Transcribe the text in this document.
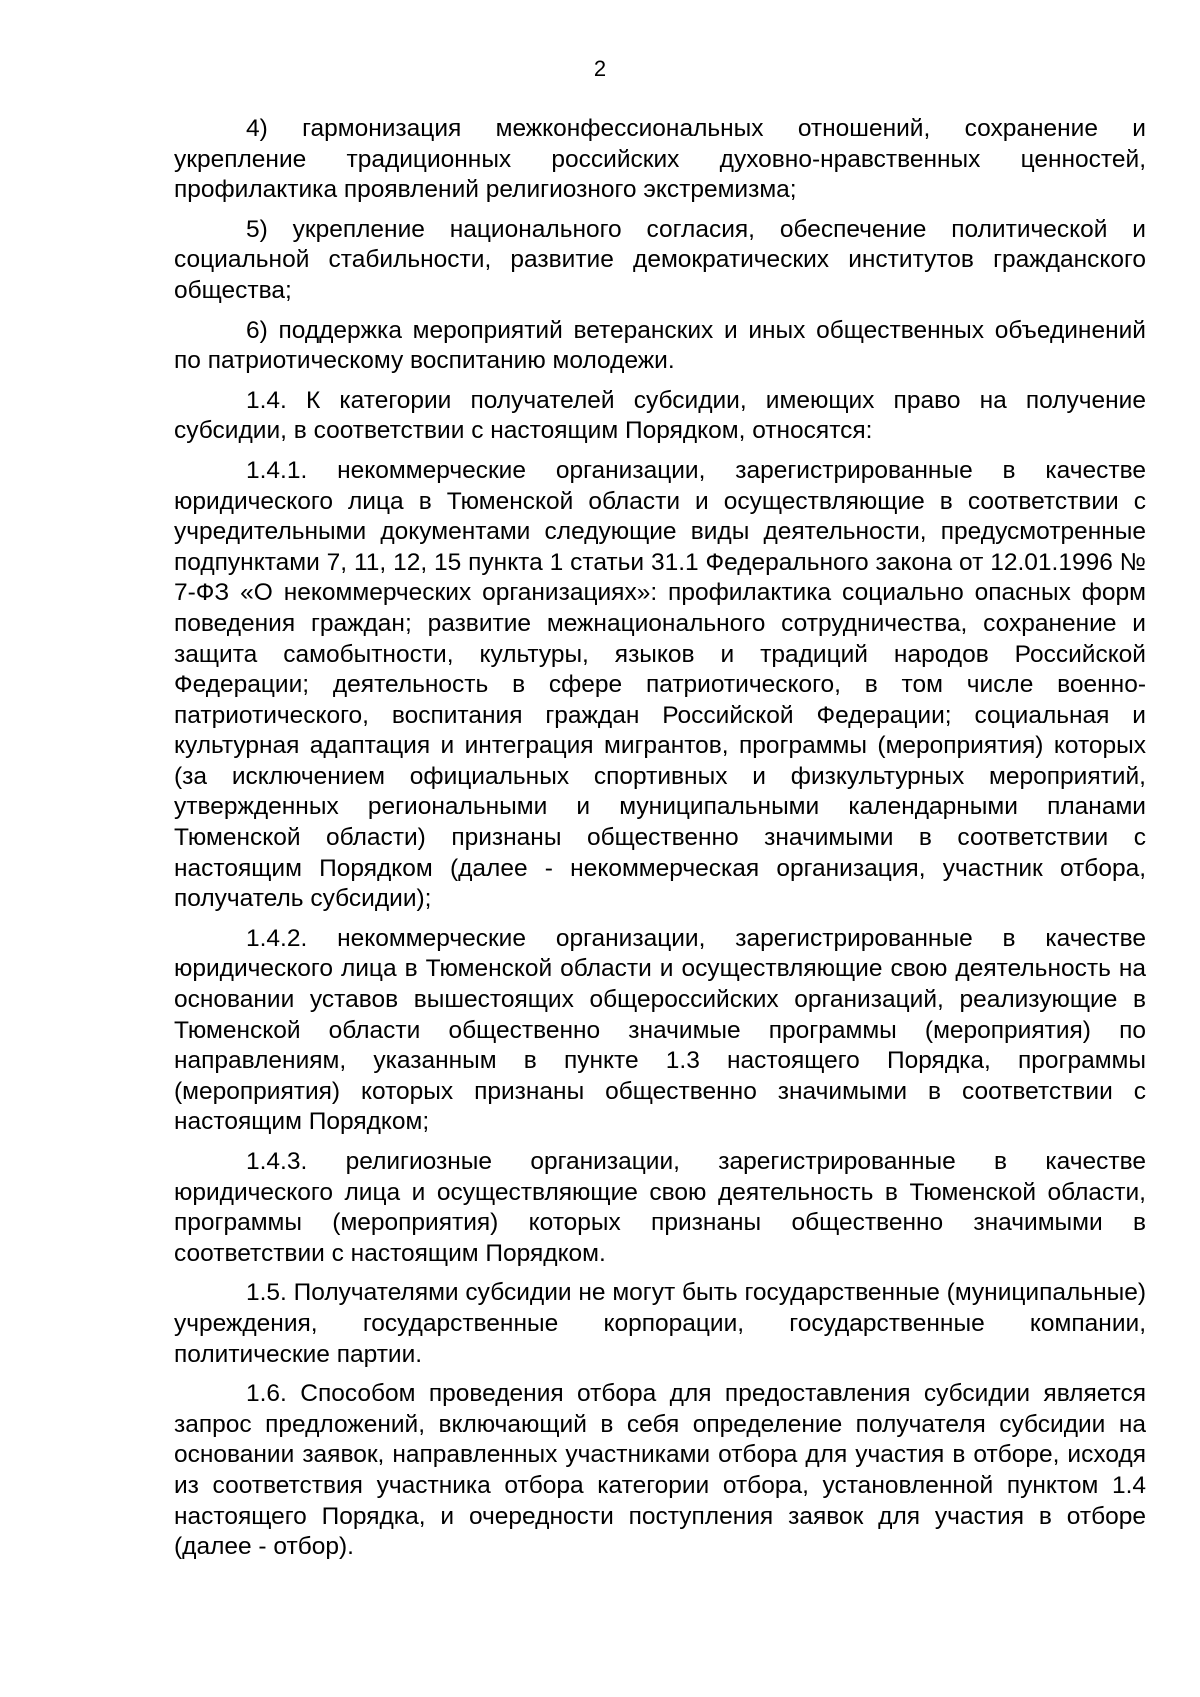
2

4) гармонизация межконфессиональных отношений, сохранение и укрепление традиционных российских духовно-нравственных ценностей, профилактика проявлений религиозного экстремизма;

5) укрепление национального согласия, обеспечение политической и социальной стабильности, развитие демократических институтов гражданского общества;

6) поддержка мероприятий ветеранских и иных общественных объединений по патриотическому воспитанию молодежи.

1.4. К категории получателей субсидии, имеющих право на получение субсидии, в соответствии с настоящим Порядком, относятся:

1.4.1. некоммерческие организации, зарегистрированные в качестве юридического лица в Тюменской области и осуществляющие в соответствии с учредительными документами следующие виды деятельности, предусмотренные подпунктами 7, 11, 12, 15 пункта 1 статьи 31.1 Федерального закона от 12.01.1996 № 7-ФЗ «О некоммерческих организациях»: профилактика социально опасных форм поведения граждан; развитие межнационального сотрудничества, сохранение и защита самобытности, культуры, языков и традиций народов Российской Федерации; деятельность в сфере патриотического, в том числе военно-патриотического, воспитания граждан Российской Федерации; социальная и культурная адаптация и интеграция мигрантов, программы (мероприятия) которых (за исключением официальных спортивных и физкультурных мероприятий, утвержденных региональными и муниципальными календарными планами Тюменской области) признаны общественно значимыми в соответствии с настоящим Порядком (далее - некоммерческая организация, участник отбора, получатель субсидии);

1.4.2. некоммерческие организации, зарегистрированные в качестве юридического лица в Тюменской области и осуществляющие свою деятельность на основании уставов вышестоящих общероссийских организаций, реализующие в Тюменской области общественно значимые программы (мероприятия) по направлениям, указанным в пункте 1.3 настоящего Порядка, программы (мероприятия) которых признаны общественно значимыми в соответствии с настоящим Порядком;

1.4.3. религиозные организации, зарегистрированные в качестве юридического лица и осуществляющие свою деятельность в Тюменской области, программы (мероприятия) которых признаны общественно значимыми в соответствии с настоящим Порядком.

1.5. Получателями субсидии не могут быть государственные (муниципальные) учреждения, государственные корпорации, государственные компании, политические партии.

1.6. Способом проведения отбора для предоставления субсидии является запрос предложений, включающий в себя определение получателя субсидии на основании заявок, направленных участниками отбора для участия в отборе, исходя из соответствия участника отбора категории отбора, установленной пунктом 1.4 настоящего Порядка, и очередности поступления заявок для участия в отборе (далее - отбор).
